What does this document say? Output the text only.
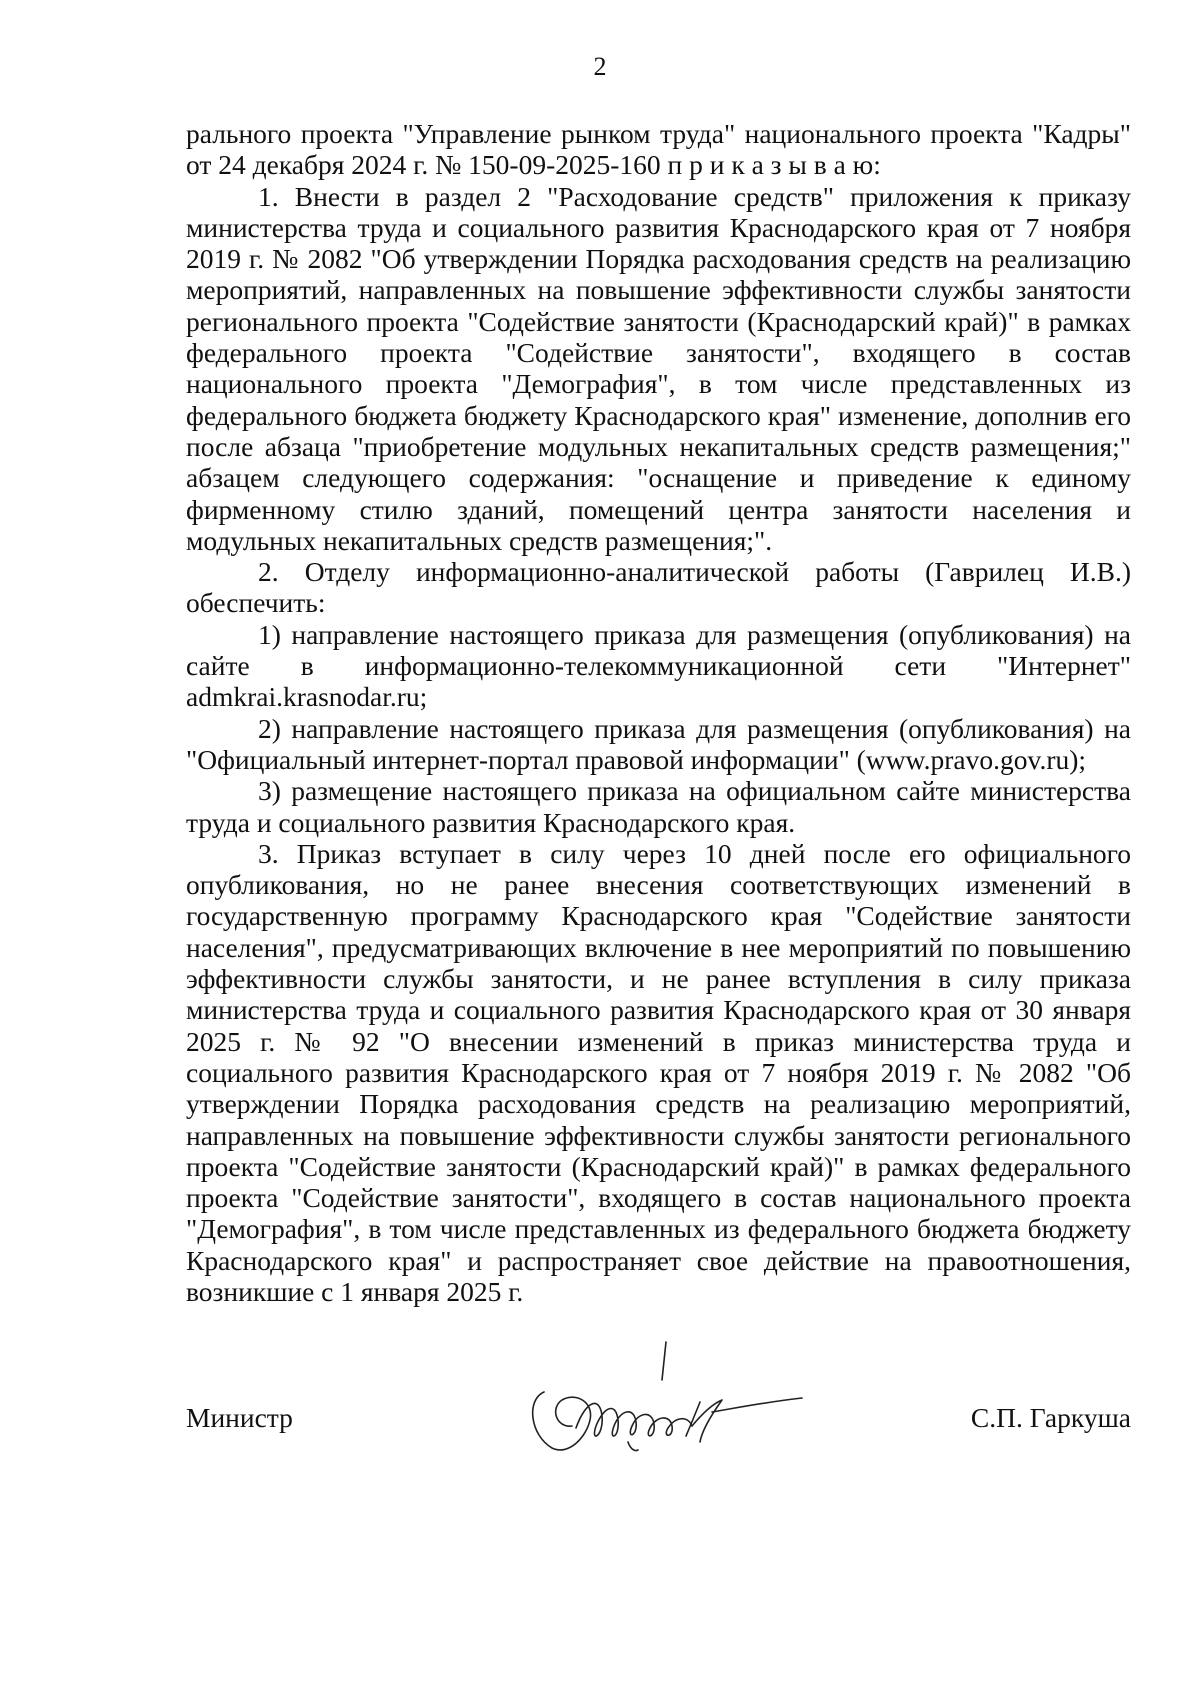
2

рального проекта "Управление рынком труда" национального проекта "Кадры" от 24 декабря 2024 г. № 150-09-2025-160 п р и к а з ы в а ю:

1. Внести в раздел 2 "Расходование средств" приложения к приказу министерства труда и социального развития Краснодарского края от 7 ноября 2019 г. № 2082 "Об утверждении Порядка расходования средств на реализацию мероприятий, направленных на повышение эффективности службы занятости регионального проекта "Содействие занятости (Краснодарский край)" в рамках федерального проекта "Содействие занятости", входящего в состав национального проекта "Демография", в том числе представленных из федерального бюджета бюджету Краснодарского края" изменение, дополнив его после абзаца "приобретение модульных некапитальных средств размещения;" абзацем следующего содержания: "оснащение и приведение к единому фирменному стилю зданий, помещений центра занятости населения и модульных некапитальных средств размещения;".

2. Отделу информационно-аналитической работы (Гаврилец И.В.) обеспечить:

1) направление настоящего приказа для размещения (опубликования) на сайте в информационно-телекоммуникационной сети "Интернет" admkrai.krasnodar.ru;

2) направление настоящего приказа для размещения (опубликования) на "Официальный интернет-портал правовой информации" (www.pravo.gov.ru);

3) размещение настоящего приказа на официальном сайте министерства труда и социального развития Краснодарского края.

3. Приказ вступает в силу через 10 дней после его официального опубликования, но не ранее внесения соответствующих изменений в государственную программу Краснодарского края "Содействие занятости населения", предусматривающих включение в нее мероприятий по повышению эффективности службы занятости, и не ранее вступления в силу приказа министерства труда и социального развития Краснодарского края от 30 января 2025 г. № 92 "О внесении изменений в приказ министерства труда и социального развития Краснодарского края от 7 ноября 2019 г. № 2082 "Об утверждении Порядка расходования средств на реализацию мероприятий, направленных на повышение эффективности службы занятости регионального проекта "Содействие занятости (Краснодарский край)" в рамках федерального проекта "Содействие занятости", входящего в состав национального проекта "Демография", в том числе представленных из федерального бюджета бюджету Краснодарского края" и распространяет свое действие на правоотношения, возникшие с 1 января 2025 г.

Министр	С.П. Гаркуша
